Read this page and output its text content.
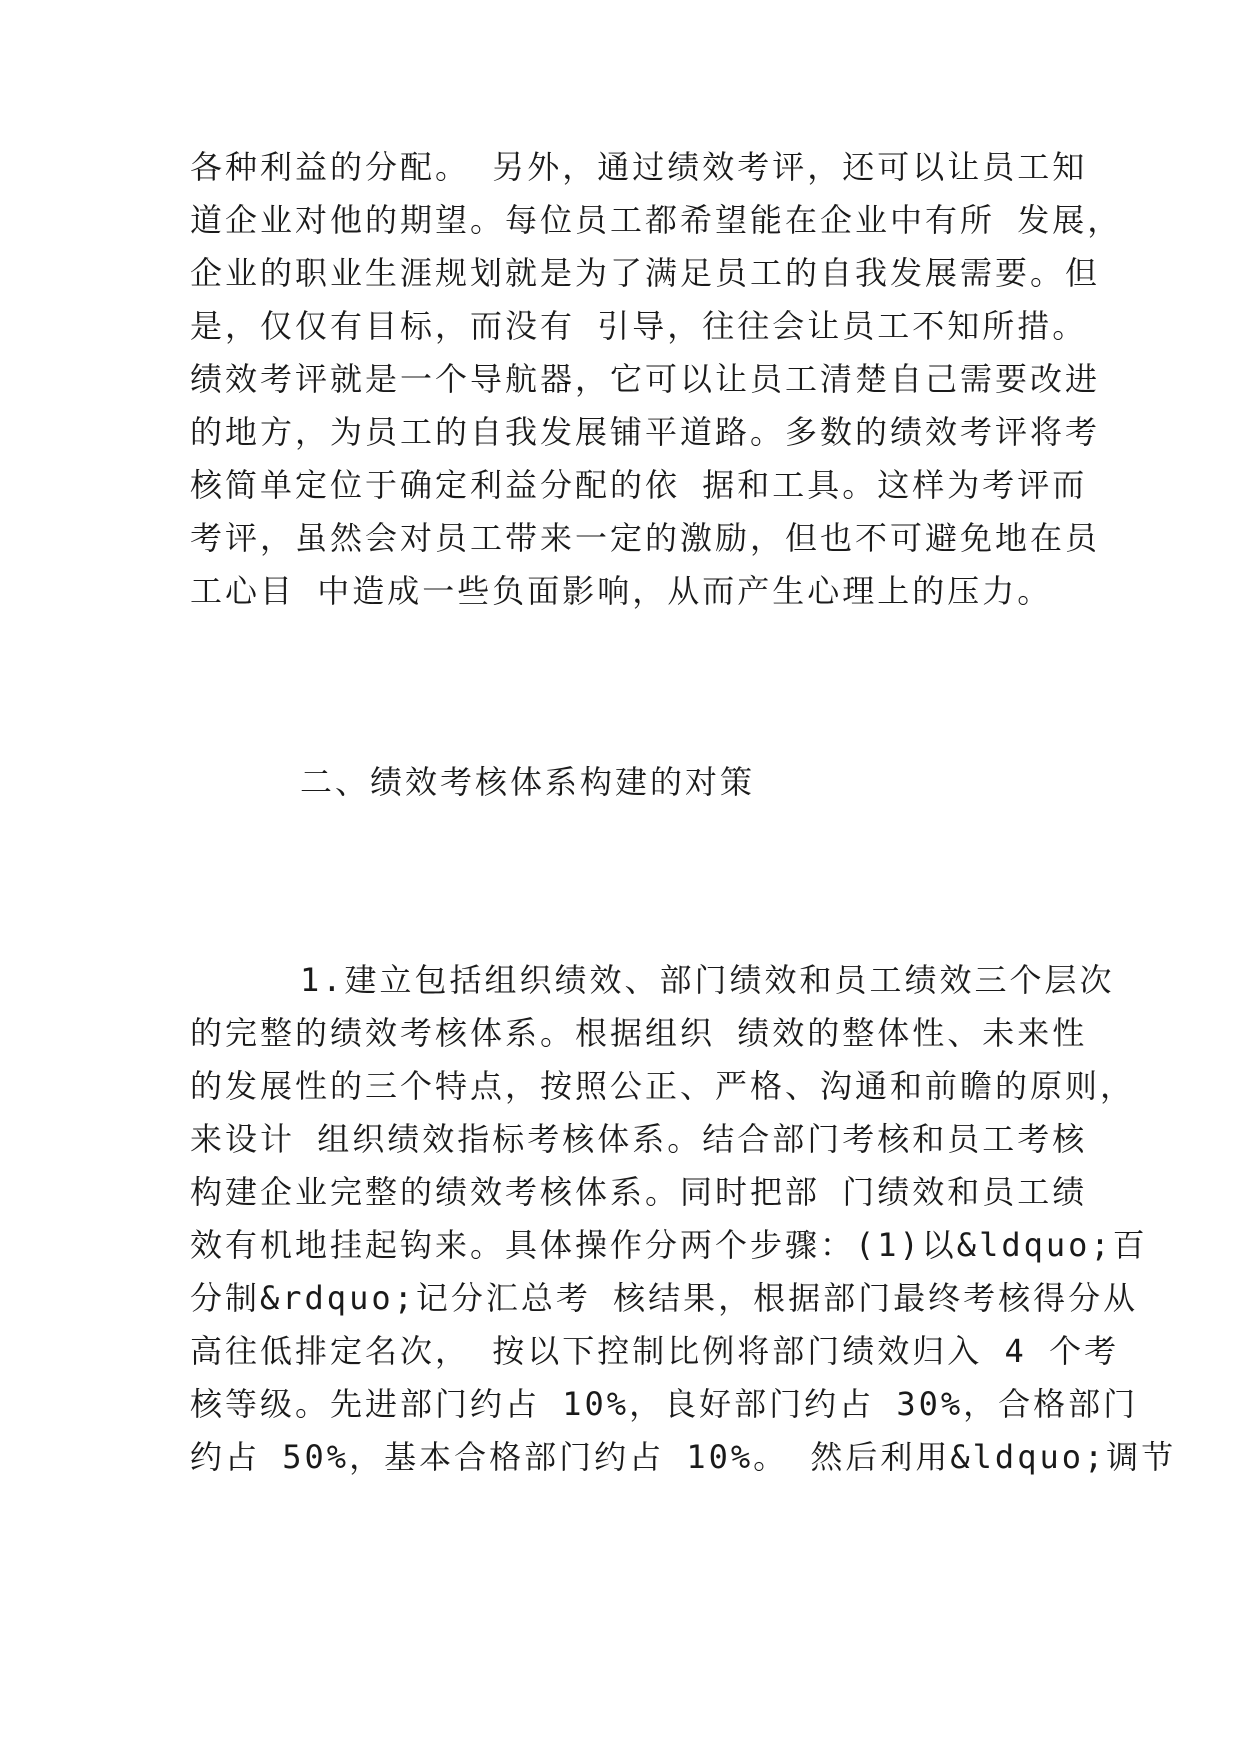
各种利益的分配。 另外，通过绩效考评，还可以让员工知
道企业对他的期望。每位员工都希望能在企业中有所 发展，
企业的职业生涯规划就是为了满足员工的自我发展需要。但
是，仅仅有目标，而没有 引导，往往会让员工不知所措。
绩效考评就是一个导航器，它可以让员工清楚自己需要改进
的地方，为员工的自我发展铺平道路。多数的绩效考评将考
核简单定位于确定利益分配的依 据和工具。这样为考评而
考评，虽然会对员工带来一定的激励，但也不可避免地在员
工心目 中造成一些负面影响，从而产生心理上的压力。
二、绩效考核体系构建的对策
1.建立包括组织绩效、部门绩效和员工绩效三个层次
的完整的绩效考核体系。根据组织 绩效的整体性、未来性
的发展性的三个特点，按照公正、严格、沟通和前瞻的原则，
来设计 组织绩效指标考核体系。结合部门考核和员工考核
构建企业完整的绩效考核体系。同时把部 门绩效和员工绩
效有机地挂起钩来。具体操作分两个步骤：(1)以&ldquo;百
分制&rdquo;记分汇总考 核结果，根据部门最终考核得分从
高往低排定名次， 按以下控制比例将部门绩效归入 4 个考
核等级。先进部门约占 10%，良好部门约占 30%，合格部门
约占 50%，基本合格部门约占 10%。 然后利用&ldquo;调节
